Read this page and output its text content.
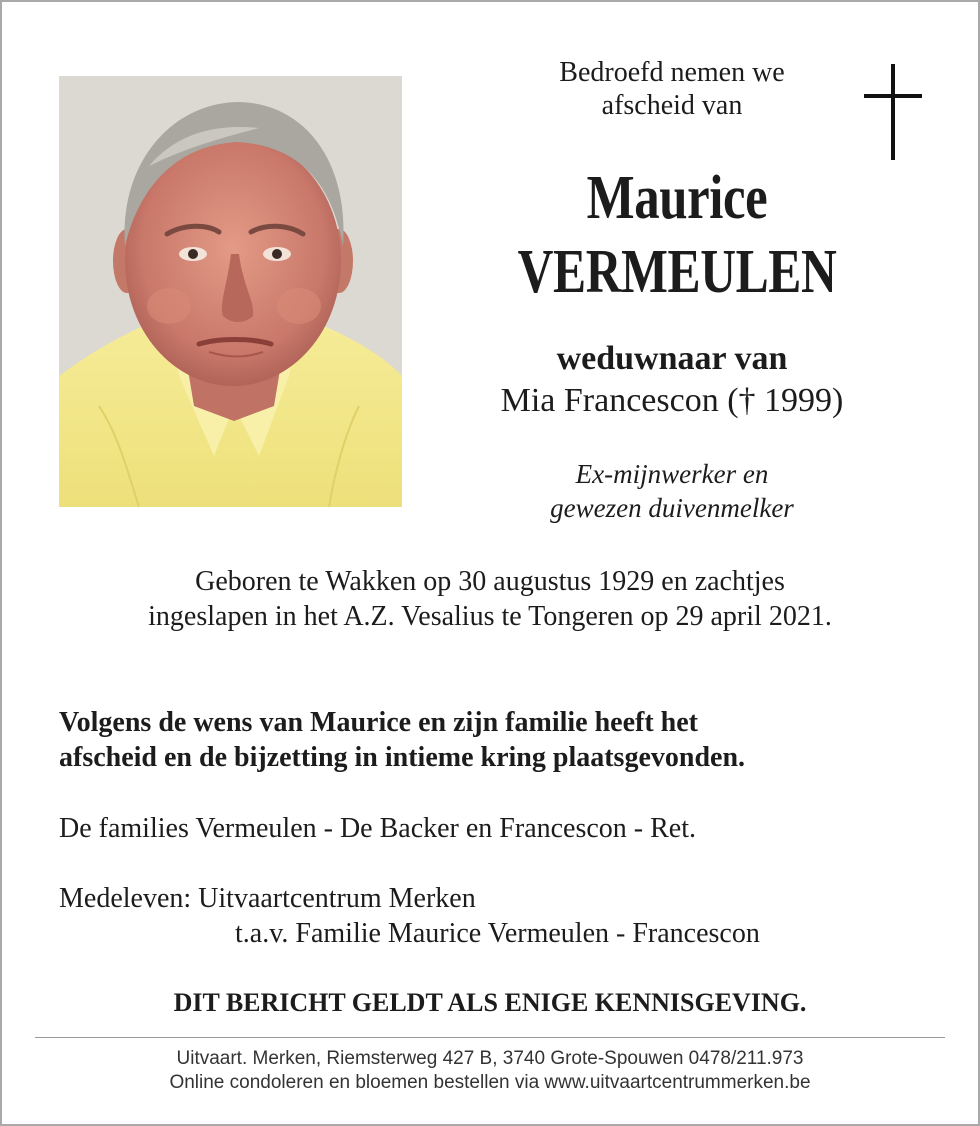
Bedroefd nemen we
afscheid van
Maurice
VERMEULEN
weduwnaar van
Mia Francescon († 1999)
Ex-mijnwerker en
gewezen duivenmelker
Geboren te Wakken op 30 augustus 1929 en zachtjes
ingeslapen in het A.Z. Vesalius te Tongeren op 29 april 2021.
Volgens de wens van Maurice en zijn familie heeft het
afscheid en de bijzetting in intieme kring plaatsgevonden.
De families Vermeulen - De Backer en Francescon - Ret.
Medeleven: Uitvaartcentrum Merken
t.a.v. Familie Maurice Vermeulen - Francescon
DIT BERICHT GELDT ALS ENIGE KENNISGEVING.
Uitvaart. Merken, Riemsterweg 427 B, 3740 Grote-Spouwen 0478/211.973
Online condoleren en bloemen bestellen via www.uitvaartcentrummerken.be
